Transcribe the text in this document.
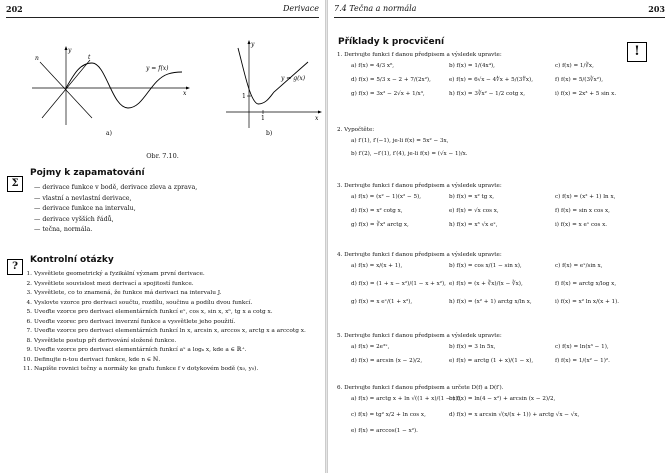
202	Derivace
y
x
n	t
y = f(x)
a)
y
x
1
1
y = g(x)
b)
Obr. 7.10.
Σ
Pojmy k zapamatování
— derivace funkce v bodě, derivace zleva a zprava,
— vlastní a nevlastní derivace,
— derivace funkce na intervalu,
— derivace vyšších řádů,
— tečna, normála.
?
Kontrolní otázky
1. Vysvětlete geometrický a fyzikální význam první derivace.
2. Vysvětlete souvislost mezi derivací a spojitostí funkce.
3. Vysvětlete, co to znamená, že funkce má derivaci na intervalu J.
4. Vyslovte vzorce pro derivaci součtu, rozdílu, součinu a podílu dvou funkcí.
5. Uveďte vzorce pro derivaci elementárních funkcí eˣ, cos x, sin x, xⁿ, tg x a cotg x.
6. Uveďte vzorec pro derivaci inverzní funkce a vysvětlete jeho použití.
7. Uveďte vzorce pro derivaci elementárních funkcí ln x, arcsin x, arccos x, arctg x a arccotg x.
8. Vysvětlete postup při derivování složené funkce.
9. Uveďte vzorce pro derivaci elementárních funkcí aˣ a logₐ x, kde a ∈ ℝ⁺.
10. Definujte n-tou derivaci funkce, kde n ∈ ℕ.
11. Napište rovnici tečny a normály ke grafu funkce f v dotykovém bodě (x₀, y₀).
7.4 Tečna a normála	203
Příklady k procvičení
1. Derivujte funkci f danou předpisem a výsledek upravte:
a) f(x) = 4/3 x⁶,	b) f(x) = 1/(4x⁴),	c) f(x) = 1/∛x,
d) f(x) = 5/3 x − 2 + 7/(2x²),	e) f(x) = 6√x − 4∜x + 5/(3∜x),	f) f(x) = 5/(3∛x²),
g) f(x) = 3x² − 2√x + 1/x³,	h) f(x) = 3∛x² − 1/2 cotg x,	i) f(x) = 2x³ + 5 sin x.
2. Vypočtěte:
a) f′(1), f′(−1), je-li f(x) = 5x² − 3x,
b) f′(2), −f′(1), f′(4), je-li f(x) = (√x − 1)/x.
3. Derivujte funkci f danou předpisem a výsledek upravte:
a) f(x) = (x² − 1)(x² − 5),	b) f(x) = x² tg x,	c) f(x) = (x² + 1) ln x,
d) f(x) = x² cotg x,	e) f(x) = √x cos x,	f) f(x) = sin x cos x,
g) f(x) = ∛x² arctg x,	h) f(x) = x³ √x eˣ,	i) f(x) = x eˣ cos x.
4. Derivujte funkci f danou předpisem a výsledek upravte:
a) f(x) = x/(x + 1),	b) f(x) = cos x/(1 − sin x),	c) f(x) = eˣ/sin x,
d) f(x) = (1 + x − x²)/(1 − x + x²), e) f(x) = (x + ∛x)/(x − ∛x),	f) f(x) = arctg x/log x,
g) f(x) = x eˣ/(1 + x²),	h) f(x) = (x² + 1) arctg x/ln x,	i) f(x) = x² ln x/(x + 1).
5. Derivujte funkci f danou předpisem a výsledek upravte:
a) f(x) = 2e³ˣ,	b) f(x) = 3 ln 5x,	c) f(x) = ln(x³ − 1),
d) f(x) = arcsin (x − 2)/2,	e) f(x) = arctg (1 + x)/(1 − x),	f) f(x) = 1/(x² − 1)².
6. Derivujte funkci f danou předpisem a určete D(f) a D(f′).
a) f(x) = arctg x + ln √((1 + x)/(1 − x)),
b) f(x) = ln(4 − x²) + arcsin (x − 2)/2,
c) f(x) = tg² x/2 + ln cos x,	d) f(x) = x arcsin √(x/(x + 1)) + arctg √x − √x,
e) f(x) = arccos(1 − x²).
!
